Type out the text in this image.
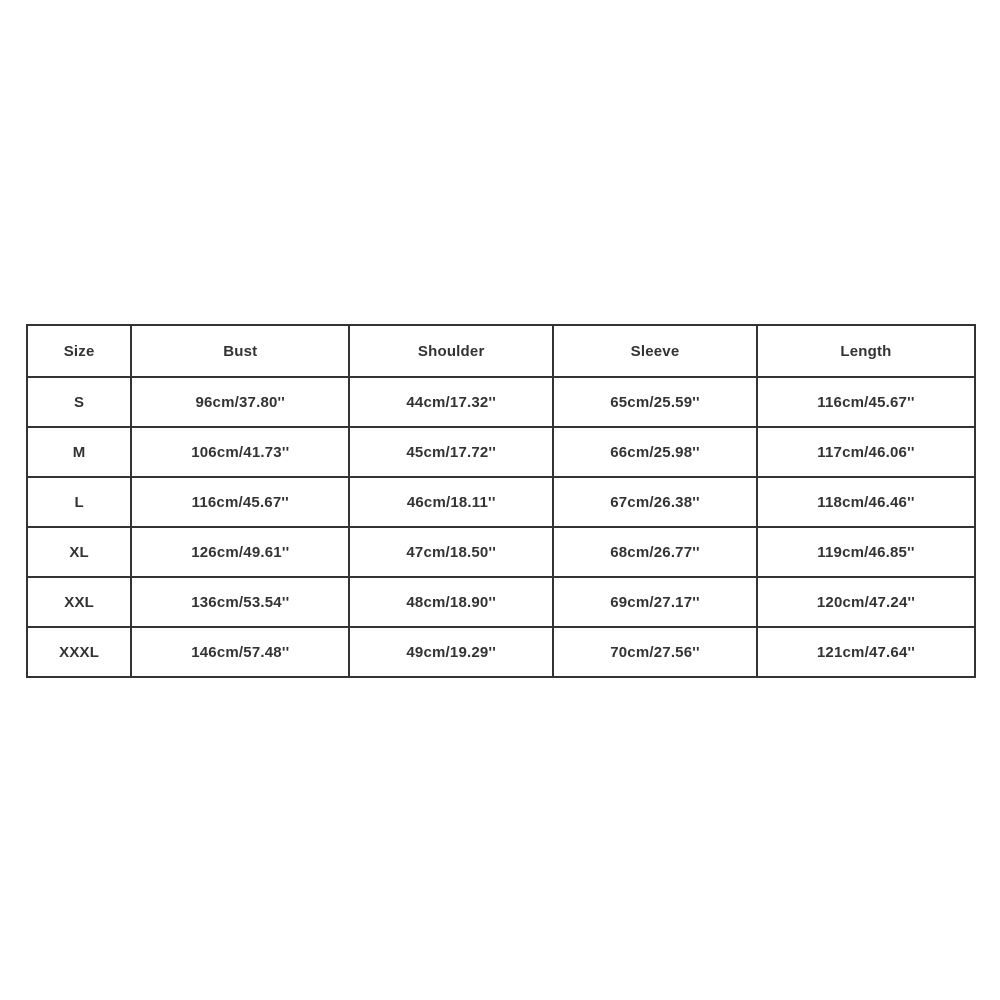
Size	Bust	Shoulder	Sleeve	Length
S	96cm/37.80''	44cm/17.32''	65cm/25.59''	116cm/45.67''
M	106cm/41.73''	45cm/17.72''	66cm/25.98''	117cm/46.06''
L	116cm/45.67''	46cm/18.11''	67cm/26.38''	118cm/46.46''
XL	126cm/49.61''	47cm/18.50''	68cm/26.77''	119cm/46.85''
XXL	136cm/53.54''	48cm/18.90''	69cm/27.17''	120cm/47.24''
XXXL	146cm/57.48''	49cm/19.29''	70cm/27.56''	121cm/47.64''
